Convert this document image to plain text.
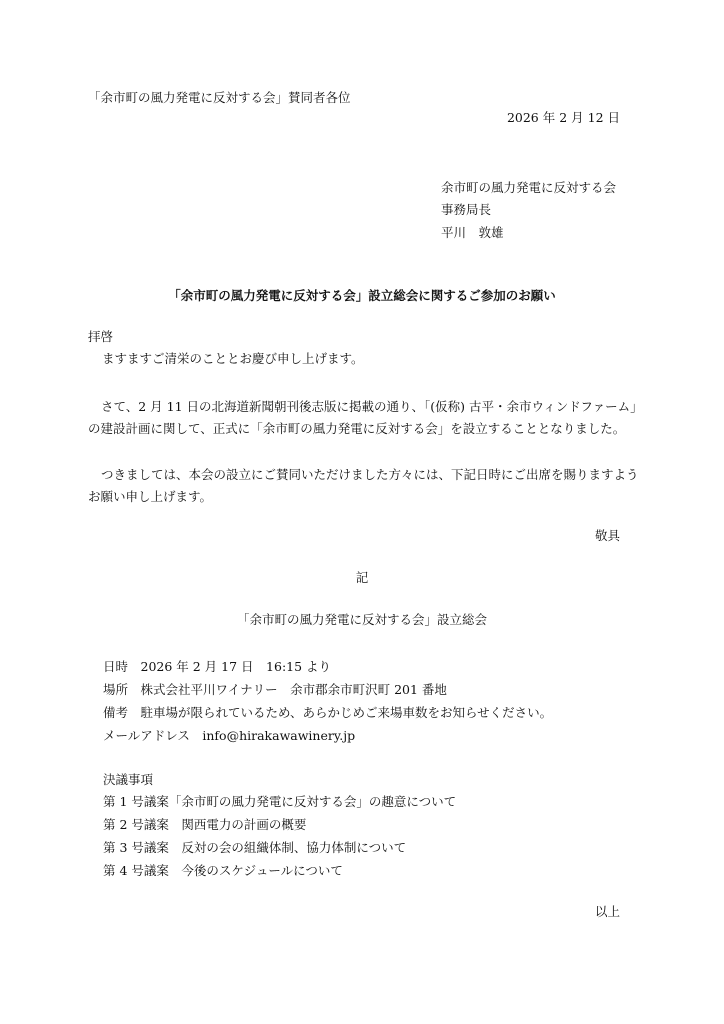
「余市町の風力発電に反対する会」賛同者各位
2026 年 2 月 12 日
余市町の風力発電に反対する会
事務局長
平川　敦雄
「余市町の風力発電に反対する会」設立総会に関するご参加のお願い
拝啓
ますますご清栄のこととお慶び申し上げます。
さて、2 月 11 日の北海道新聞朝刊後志版に掲載の通り、「(仮称) 古平・余市ウィンドファーム」
の建設計画に関して、正式に「余市町の風力発電に反対する会」を設立することとなりました。
つきましては、本会の設立にご賛同いただけました方々には、下記日時にご出席を賜りますよう
お願い申し上げます。
敬具
記
「余市町の風力発電に反対する会」設立総会
日時　2026 年 2 月 17 日　16:15 より
場所　株式会社平川ワイナリー　余市郡余市町沢町 201 番地
備考　駐車場が限られているため、あらかじめご来場車数をお知らせください。
メールアドレス　info@hirakawawinery.jp
決議事項
第 1 号議案「余市町の風力発電に反対する会」の趣意について
第 2 号議案　関西電力の計画の概要
第 3 号議案　反対の会の組織体制、協力体制について
第 4 号議案　今後のスケジュールについて
以上
